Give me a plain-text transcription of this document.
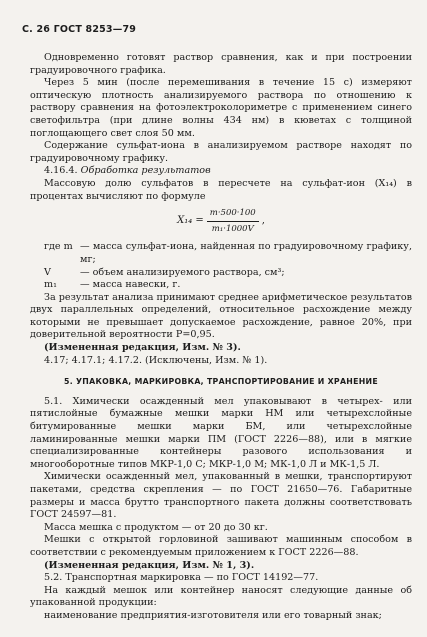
С. 26 ГОСТ 8253—79

Одновременно готовят раствор сравнения, как и при построении градуировочного графика.

Через 5 мин (после перемешивания в течение 15 с) измеряют оптическую плотность анализируемого раствора по отношению к раствору сравнения на фотоэлектроколориметре с применением синего светофильтра (при длине волны 434 нм) в кюветах с толщиной поглощающего свет слоя 50 мм.

Содержание сульфат-иона в анализируемом растворе находят по градуировочному графику.

4.16.4. Обработка результатов

Массовую долю сульфатов в пересчете на сульфат-ион (X₁₄) в процентах вычисляют по формуле

$X_{14} = \frac{m\cdot 500\cdot 100}{\text{m₁·1000V}}$ ,
где m — масса сульфат-иона, найденная по градуировочному графику, мг;
V	— объем анализируемого раствора, см³;
m₁	— масса навески, г.

За результат анализа принимают среднее арифметическое результатов двух параллельных определений, относительное расхождение между которыми не превышает допускаемое расхождение, равное 20%, при доверительной вероятности P=0,95.

(Измененная редакция, Изм. № 3).

4.17; 4.17.1; 4.17.2. (Исключены, Изм. № 1).

5. УПАКОВКА, МАРКИРОВКА, ТРАНСПОРТИРОВАНИЕ И ХРАНЕНИЕ

5.1. Химически осажденный мел упаковывают в четырех- или пятислойные бумажные мешки марки НМ или четырехслойные битумированные мешки марки БМ, или четырехслойные ламинированные мешки марки ПМ (ГОСТ 2226—88), или в мягкие специализированные контейнеры разового использования и многооборотные типов МКР-1,0 С; МКР-1,0 М; МК-1,0 Л и МК-1,5 Л.

Химически осажденный мел, упакованный в мешки, транспортируют пакетами, средства скрепления — по ГОСТ 21650—76. Габаритные размеры и масса брутто транспортного пакета должны соответствовать ГОСТ 24597—81.

Масса мешка с продуктом — от 20 до 30 кг.

Мешки с открытой горловиной зашивают машинным способом в соответствии с рекомендуемым приложением к ГОСТ 2226—88.

(Измененная редакция, Изм. № 1, 3).

5.2. Транспортная маркировка — по ГОСТ 14192—77.

На каждый мешок или контейнер наносят следующие данные об упакованной продукции:

наименование предприятия-изготовителя или его товарный знак;
